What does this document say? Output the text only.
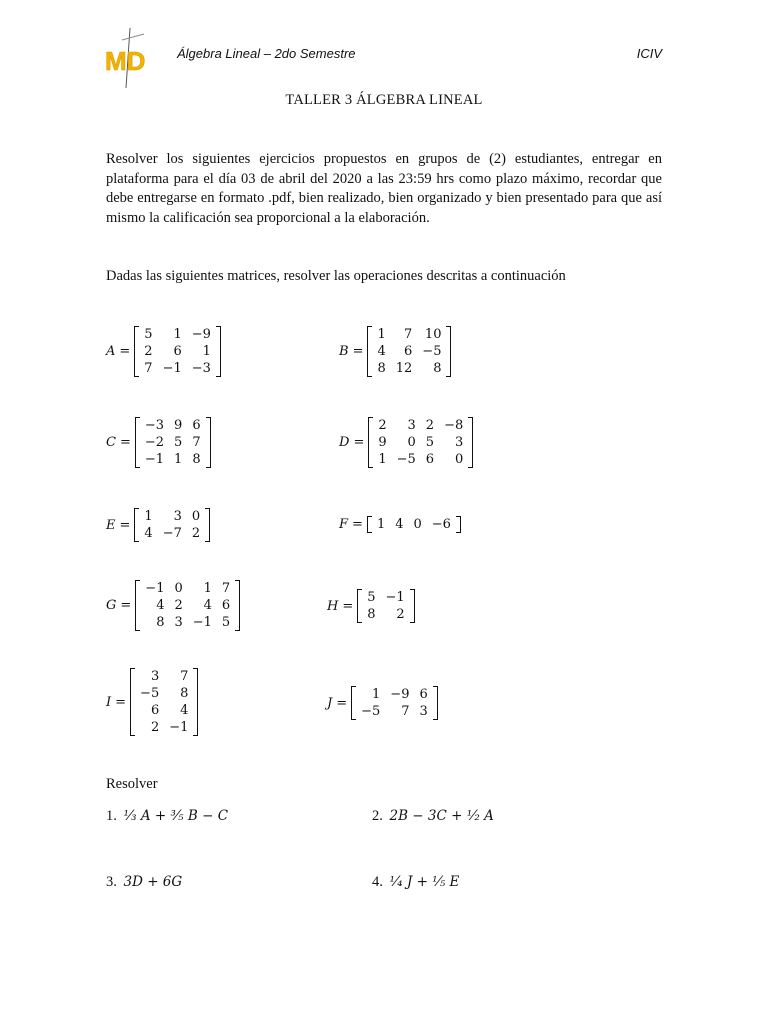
MD Álgebra Lineal – 2do Semestre	ICIV
TALLER 3 ÁLGEBRA LINEAL

Resolver los siguientes ejercicios propuestos en grupos de (2) estudiantes, entregar en plataforma para el día 03 de abril del 2020 a las 23:59 hrs como plazo máximo, recordar que debe entregarse en formato .pdf, bien realizado, bien organizado y bien presentado para que así mismo la calificación sea proporcional a la elaboración.

Dadas las siguientes matrices, resolver las operaciones descritas a continuación

A =
5	1	−9
2	6	1
7	−1	−3
B =
1	7	10
4	6	−5
8	12	8
C =
−3	9	6
−2	5	7
−1	1	8
D =
2	3	2	−8
9	0	5	3
1	−5	6	0
E =
1	3	0
4	−7	2
F = 1	4	0	−6
G =
−1	0	1	7
4	2	4	6
8	3	−1	5
H =
5	−1
8	2
I =
3	7
−5	8
6	4
2	−1
J =
1	−9	6
−5	7	3
Resolver
1. ¹⁄₃ A + ³⁄₅ B − C	2. 2B − 3C + ¹⁄₂ A
3. 3D + 6G	4. ¹⁄₄ J + ¹⁄₅ E
